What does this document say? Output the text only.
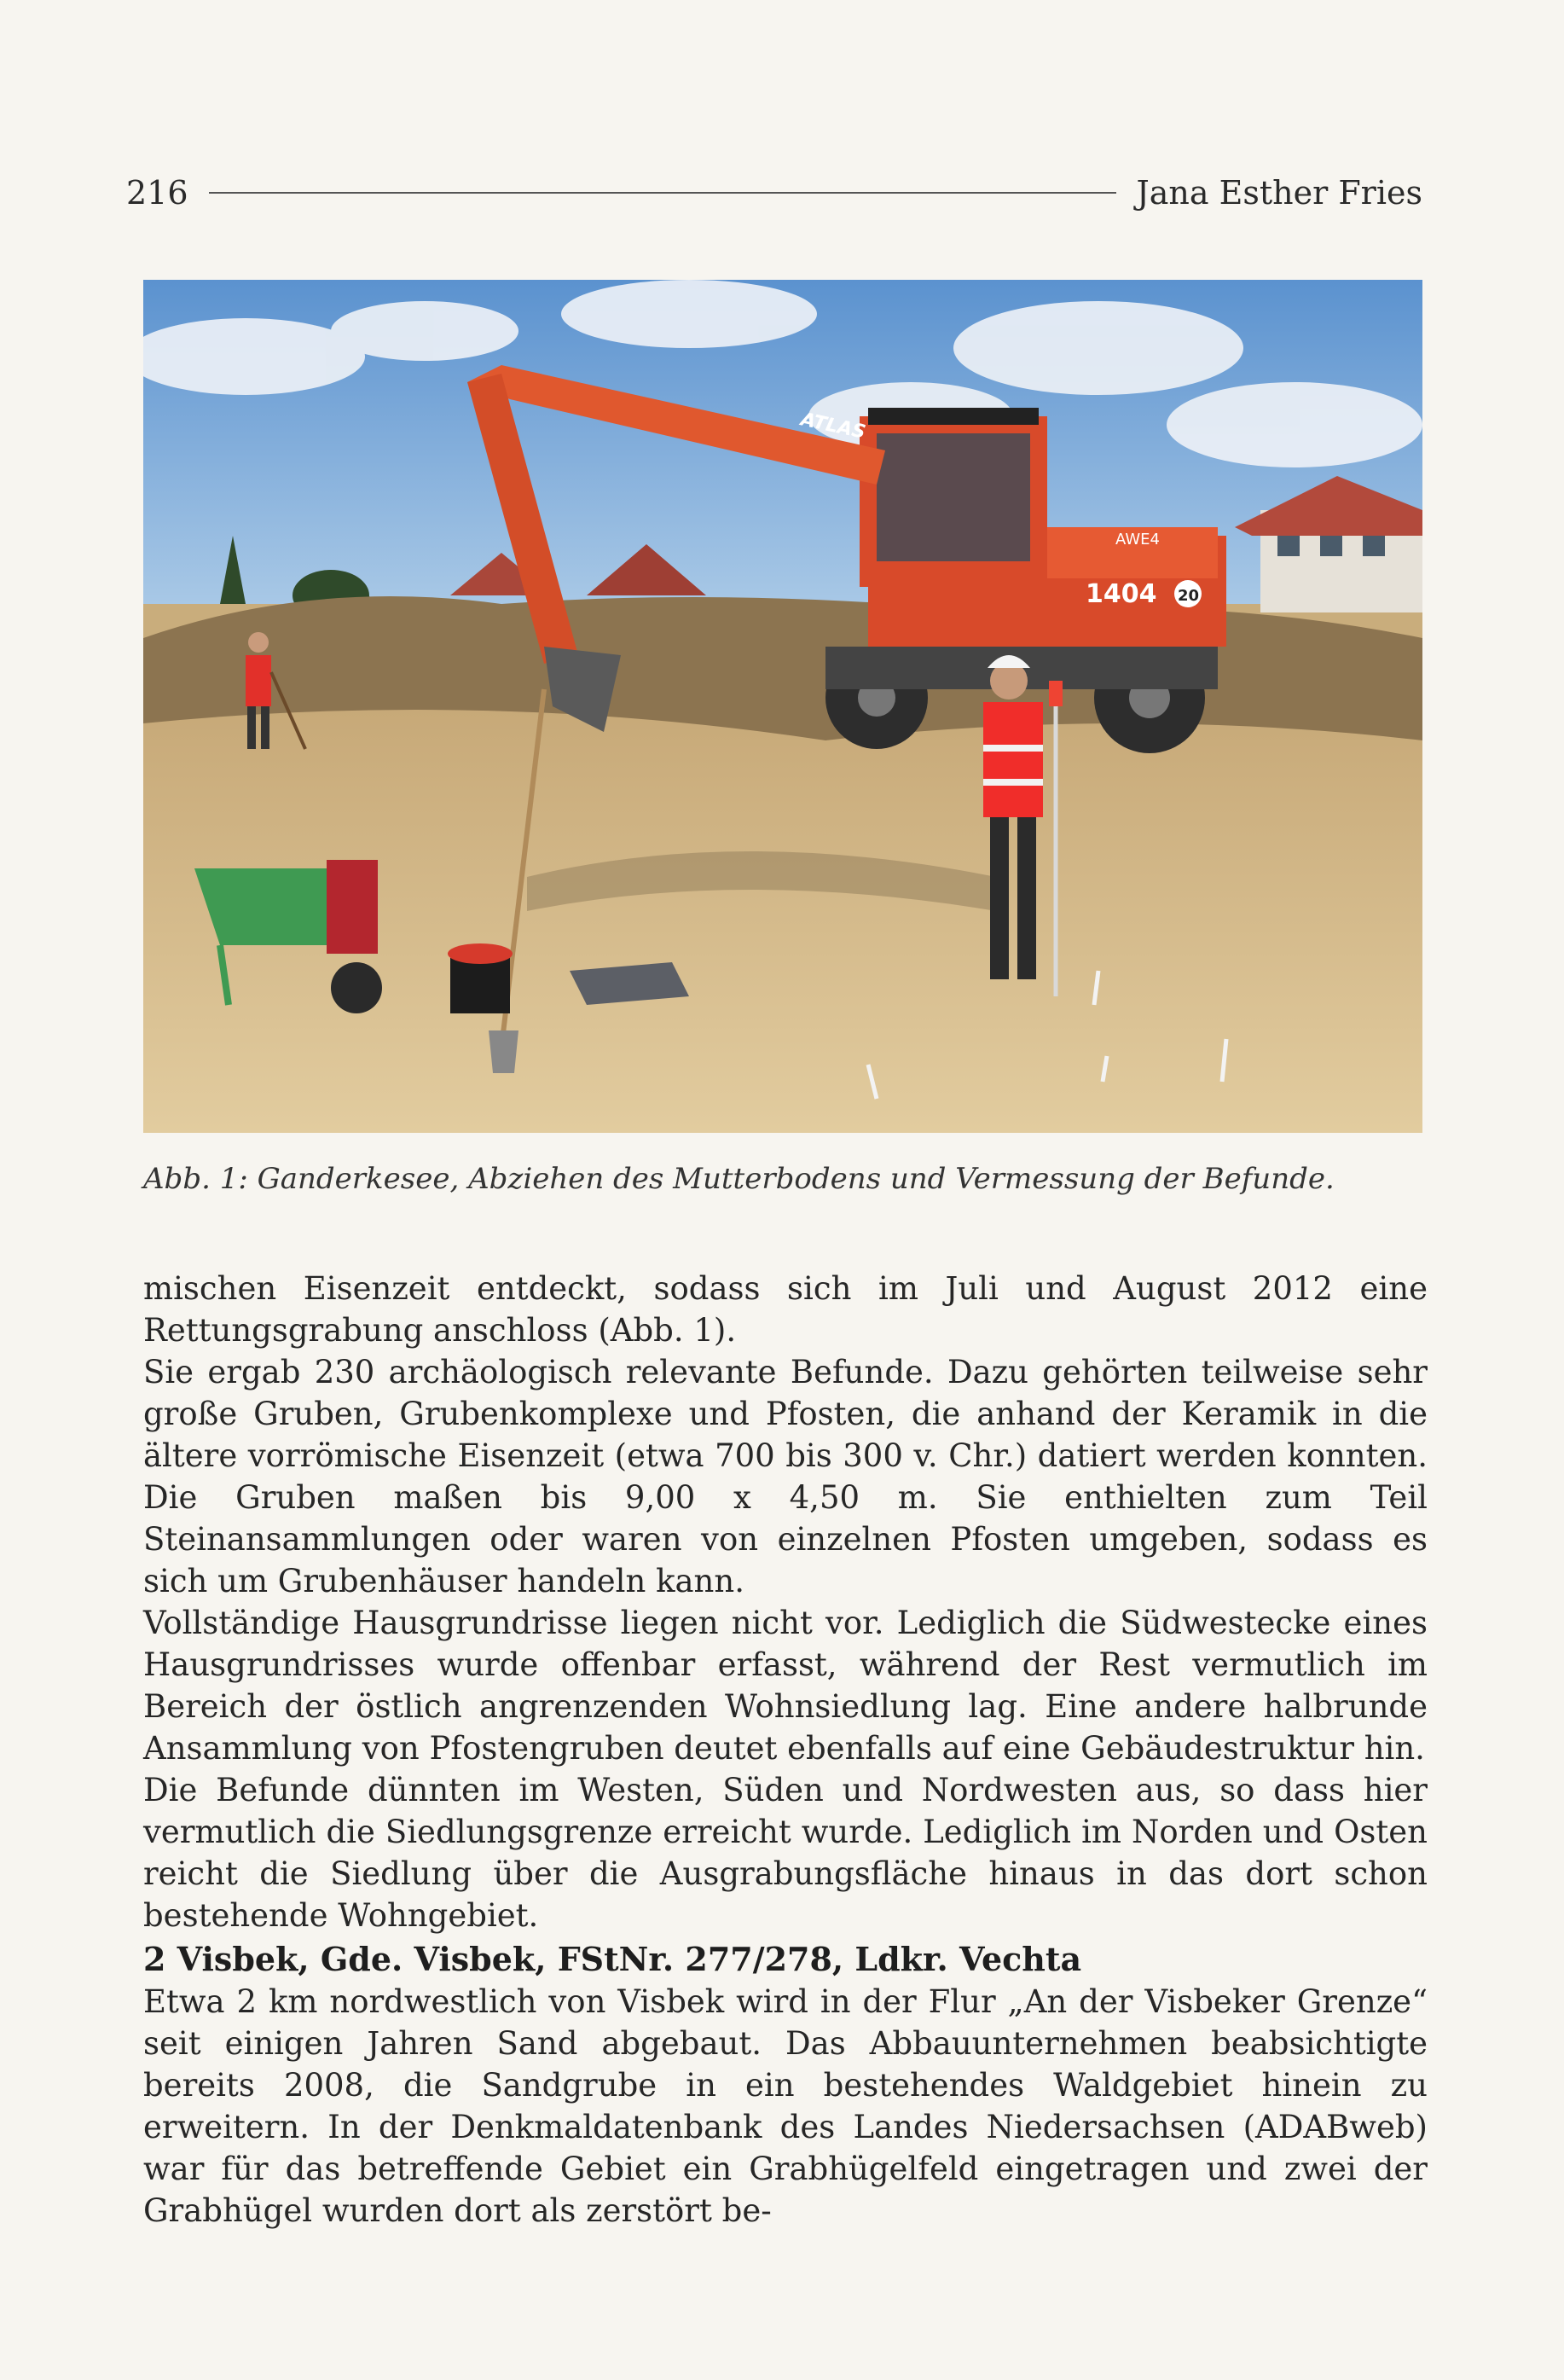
216	Jana Esther Fries
1404 20
AWE4
ATLAS
Abb. 1: Ganderkesee, Abziehen des Mutterbodens und Vermessung der Befunde.

mischen Eisenzeit entdeckt, sodass sich im Juli und August 2012 eine Rettungsgrabung anschloss (Abb. 1).

Sie ergab 230 archäologisch relevante Befunde. Dazu gehörten teilweise sehr große Gruben, Grubenkomplexe und Pfosten, die anhand der Keramik in die ältere vorrömische Eisenzeit (etwa 700 bis 300 v. Chr.) datiert werden konnten. Die Gruben maßen bis 9,00 x 4,50 m. Sie enthielten zum Teil Steinansammlungen oder waren von einzelnen Pfosten umgeben, sodass es sich um Grubenhäuser handeln kann.

Vollständige Hausgrundrisse liegen nicht vor. Lediglich die Südwestecke eines Hausgrundrisses wurde offenbar erfasst, während der Rest vermutlich im Bereich der östlich angrenzenden Wohnsiedlung lag. Eine andere halbrunde Ansammlung von Pfostengruben deutet ebenfalls auf eine Gebäudestruktur hin.

Die Befunde dünnten im Westen, Süden und Nordwesten aus, so dass hier vermutlich die Siedlungsgrenze erreicht wurde. Lediglich im Norden und Osten reicht die Siedlung über die Ausgrabungsfläche hinaus in das dort schon bestehende Wohngebiet.

2 Visbek, Gde. Visbek, FStNr. 277/278, Ldkr. Vechta

Etwa 2 km nordwestlich von Visbek wird in der Flur „An der Visbeker Grenze“ seit einigen Jahren Sand abgebaut. Das Abbauunternehmen beabsichtigte bereits 2008, die Sandgrube in ein bestehendes Waldgebiet hinein zu erweitern. In der Denkmaldatenbank des Landes Niedersachsen (ADABweb) war für das betreffende Gebiet ein Grabhügelfeld eingetragen und zwei der Grabhügel wurden dort als zerstört be-
